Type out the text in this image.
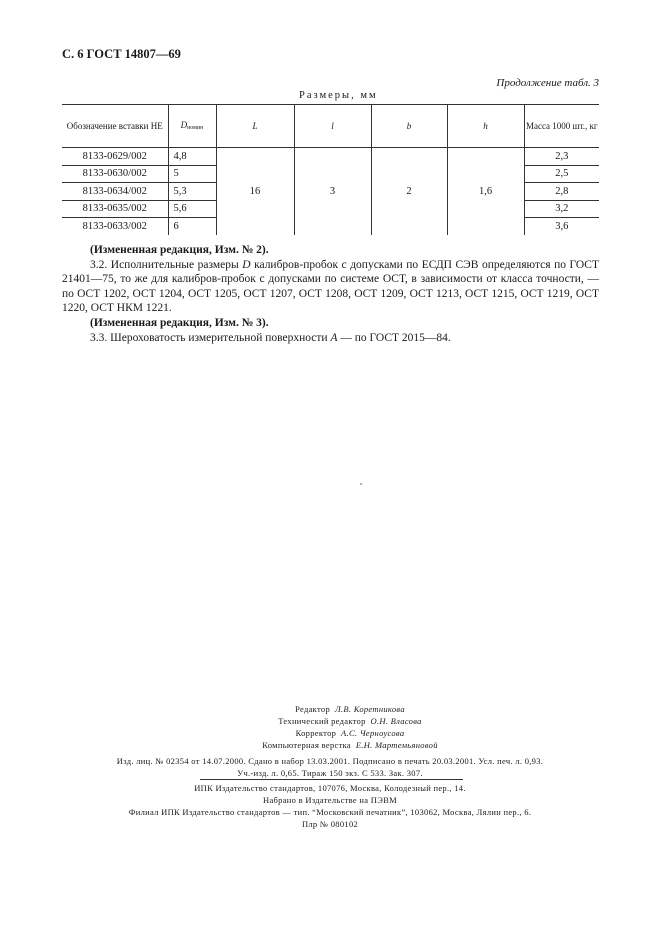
С. 6 ГОСТ 14807—69
Продолжение табл. 3
Размеры, мм
Обозначение вставки НЕ	Dномин	L	l	b	h	Масса 1000 шт., кг
8133-0629/002	4,8	16	3	2	1,6	2,3
8133-0630/002	5					2,5
8133-0634/002	5,3					2,8
8133-0635/002	5,6					3,2
8133-0633/002	6					3,6

(Измененная редакция, Изм. № 2).

3.2. Исполнительные размеры D калибров-пробок с допусками по ЕСДП СЭВ определяются по ГОСТ 21401—75, то же для калибров-пробок с допусками по системе ОСТ, в зависимости от класса точности, — по ОСТ 1202, ОСТ 1204, ОСТ 1205, ОСТ 1207, ОСТ 1208, ОСТ 1209, ОСТ 1213, ОСТ 1215, ОСТ 1219, ОСТ 1220, ОСТ НКМ 1221.

(Измененная редакция, Изм. № 3).

3.3. Шероховатость измерительной поверхности А — по ГОСТ 2015—84.

Редактор Л.В. Коретникова
Технический редактор О.Н. Власова
Корректор А.С. Черноусова
Компьютерная верстка Е.Н. Мартемьяновой
Изд. лиц. № 02354 от 14.07.2000. Сдано в набор 13.03.2001. Подписано в печать 20.03.2001. Усл. печ. л. 0,93.
Уч.-изд. л. 0,65. Тираж 150 экз. С 533. Зак. 307.
ИПК Издательство стандартов, 107076, Москва, Колодезный пер., 14.
Набрано в Издательстве на ПЭВМ
Филиал ИПК Издательство стандартов — тип. “Московский печатник”, 103062, Москва, Лялин пер., 6.
Плр № 080102
